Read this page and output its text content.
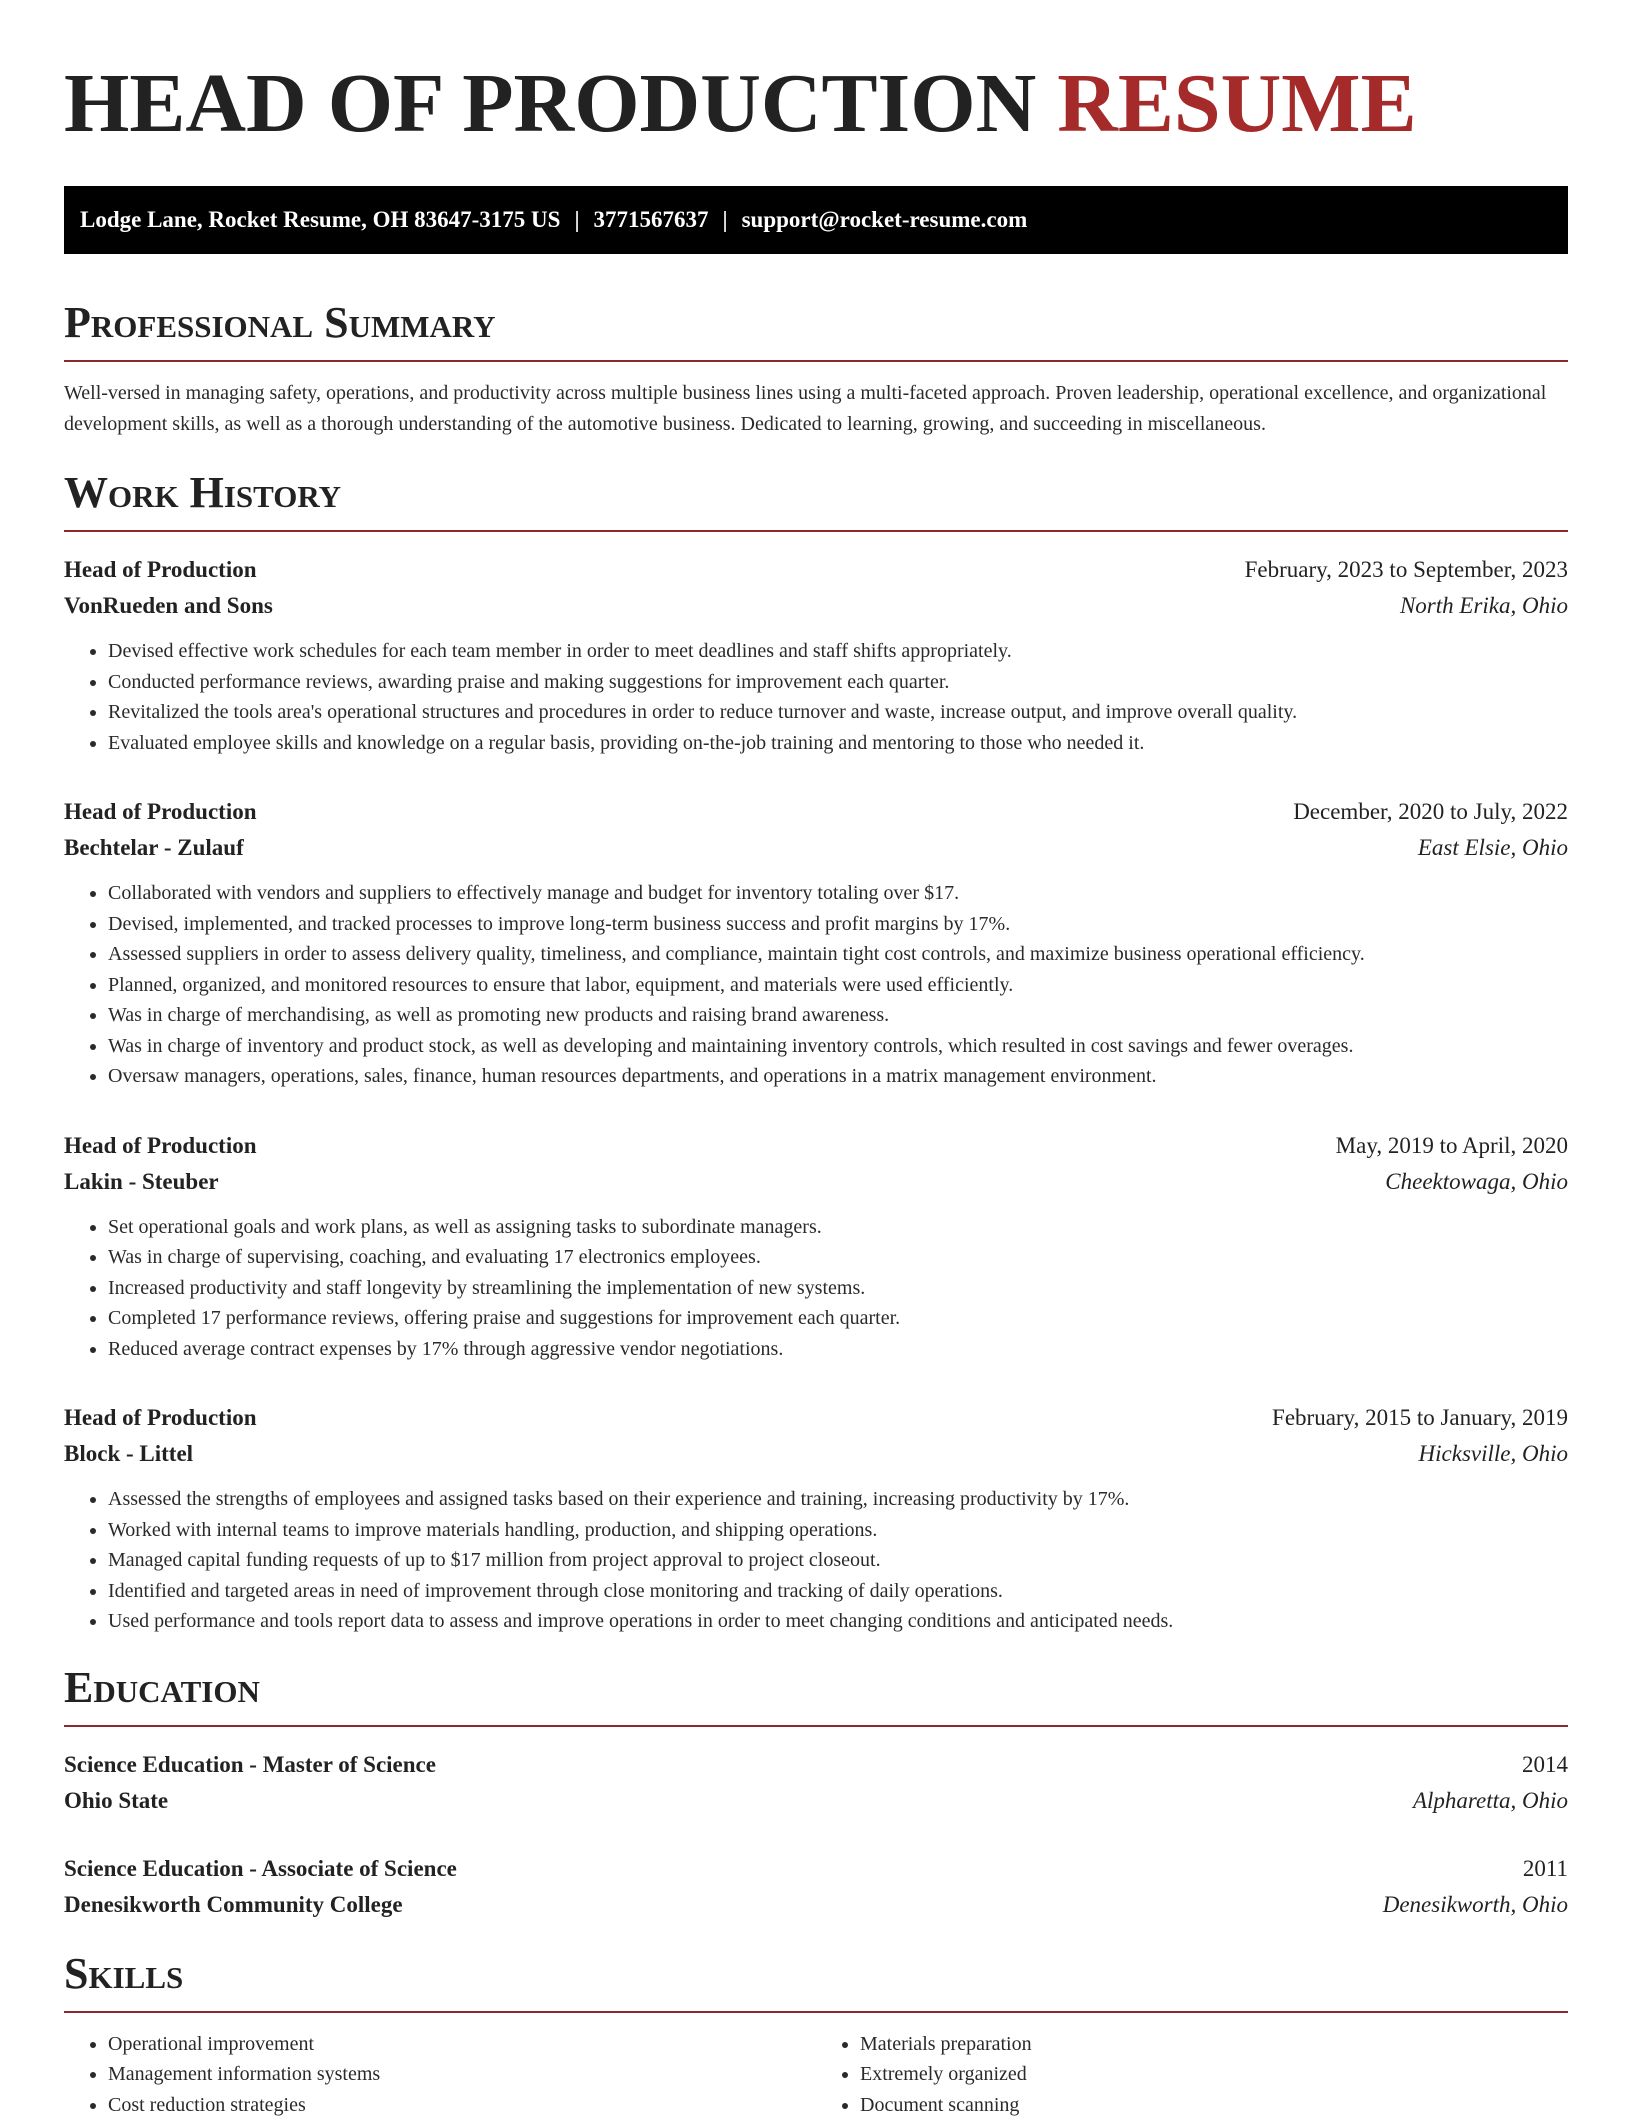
HEAD OF PRODUCTION RESUME
Lodge Lane, Rocket Resume, OH 83647-3175 US | 3771567637 | support@rocket-resume.com
Professional Summary
Well-versed in managing safety, operations, and productivity across multiple business lines using a multi-faceted approach. Proven leadership, operational excellence, and organizational development skills, as well as a thorough understanding of the automotive business. Dedicated to learning, growing, and succeeding in miscellaneous.
Work History
Head of Production	February, 2023 to September, 2023
VonRueden and Sons	North Erika, Ohio
• Devised effective work schedules for each team member in order to meet deadlines and staff shifts appropriately.
• Conducted performance reviews, awarding praise and making suggestions for improvement each quarter.
• Revitalized the tools area's operational structures and procedures in order to reduce turnover and waste, increase output, and improve overall quality.
• Evaluated employee skills and knowledge on a regular basis, providing on-the-job training and mentoring to those who needed it.
Head of Production	December, 2020 to July, 2022
Bechtelar - Zulauf	East Elsie, Ohio
• Collaborated with vendors and suppliers to effectively manage and budget for inventory totaling over $17.
• Devised, implemented, and tracked processes to improve long-term business success and profit margins by 17%.
• Assessed suppliers in order to assess delivery quality, timeliness, and compliance, maintain tight cost controls, and maximize business operational efficiency.
• Planned, organized, and monitored resources to ensure that labor, equipment, and materials were used efficiently.
• Was in charge of merchandising, as well as promoting new products and raising brand awareness.
• Was in charge of inventory and product stock, as well as developing and maintaining inventory controls, which resulted in cost savings and fewer overages.
• Oversaw managers, operations, sales, finance, human resources departments, and operations in a matrix management environment.
Head of Production	May, 2019 to April, 2020
Lakin - Steuber	Cheektowaga, Ohio
• Set operational goals and work plans, as well as assigning tasks to subordinate managers.
• Was in charge of supervising, coaching, and evaluating 17 electronics employees.
• Increased productivity and staff longevity by streamlining the implementation of new systems.
• Completed 17 performance reviews, offering praise and suggestions for improvement each quarter.
• Reduced average contract expenses by 17% through aggressive vendor negotiations.
Head of Production	February, 2015 to January, 2019
Block - Littel	Hicksville, Ohio
• Assessed the strengths of employees and assigned tasks based on their experience and training, increasing productivity by 17%.
• Worked with internal teams to improve materials handling, production, and shipping operations.
• Managed capital funding requests of up to $17 million from project approval to project closeout.
• Identified and targeted areas in need of improvement through close monitoring and tracking of daily operations.
• Used performance and tools report data to assess and improve operations in order to meet changing conditions and anticipated needs.
Education
Science Education - Master of Science	2014
Ohio State	Alpharetta, Ohio
Science Education - Associate of Science	2011
Denesikworth Community College	Denesikworth, Ohio
Skills
• Operational improvement
• Management information systems
• Cost reduction strategies
• Materials preparation
• Extremely organized
• Document scanning
